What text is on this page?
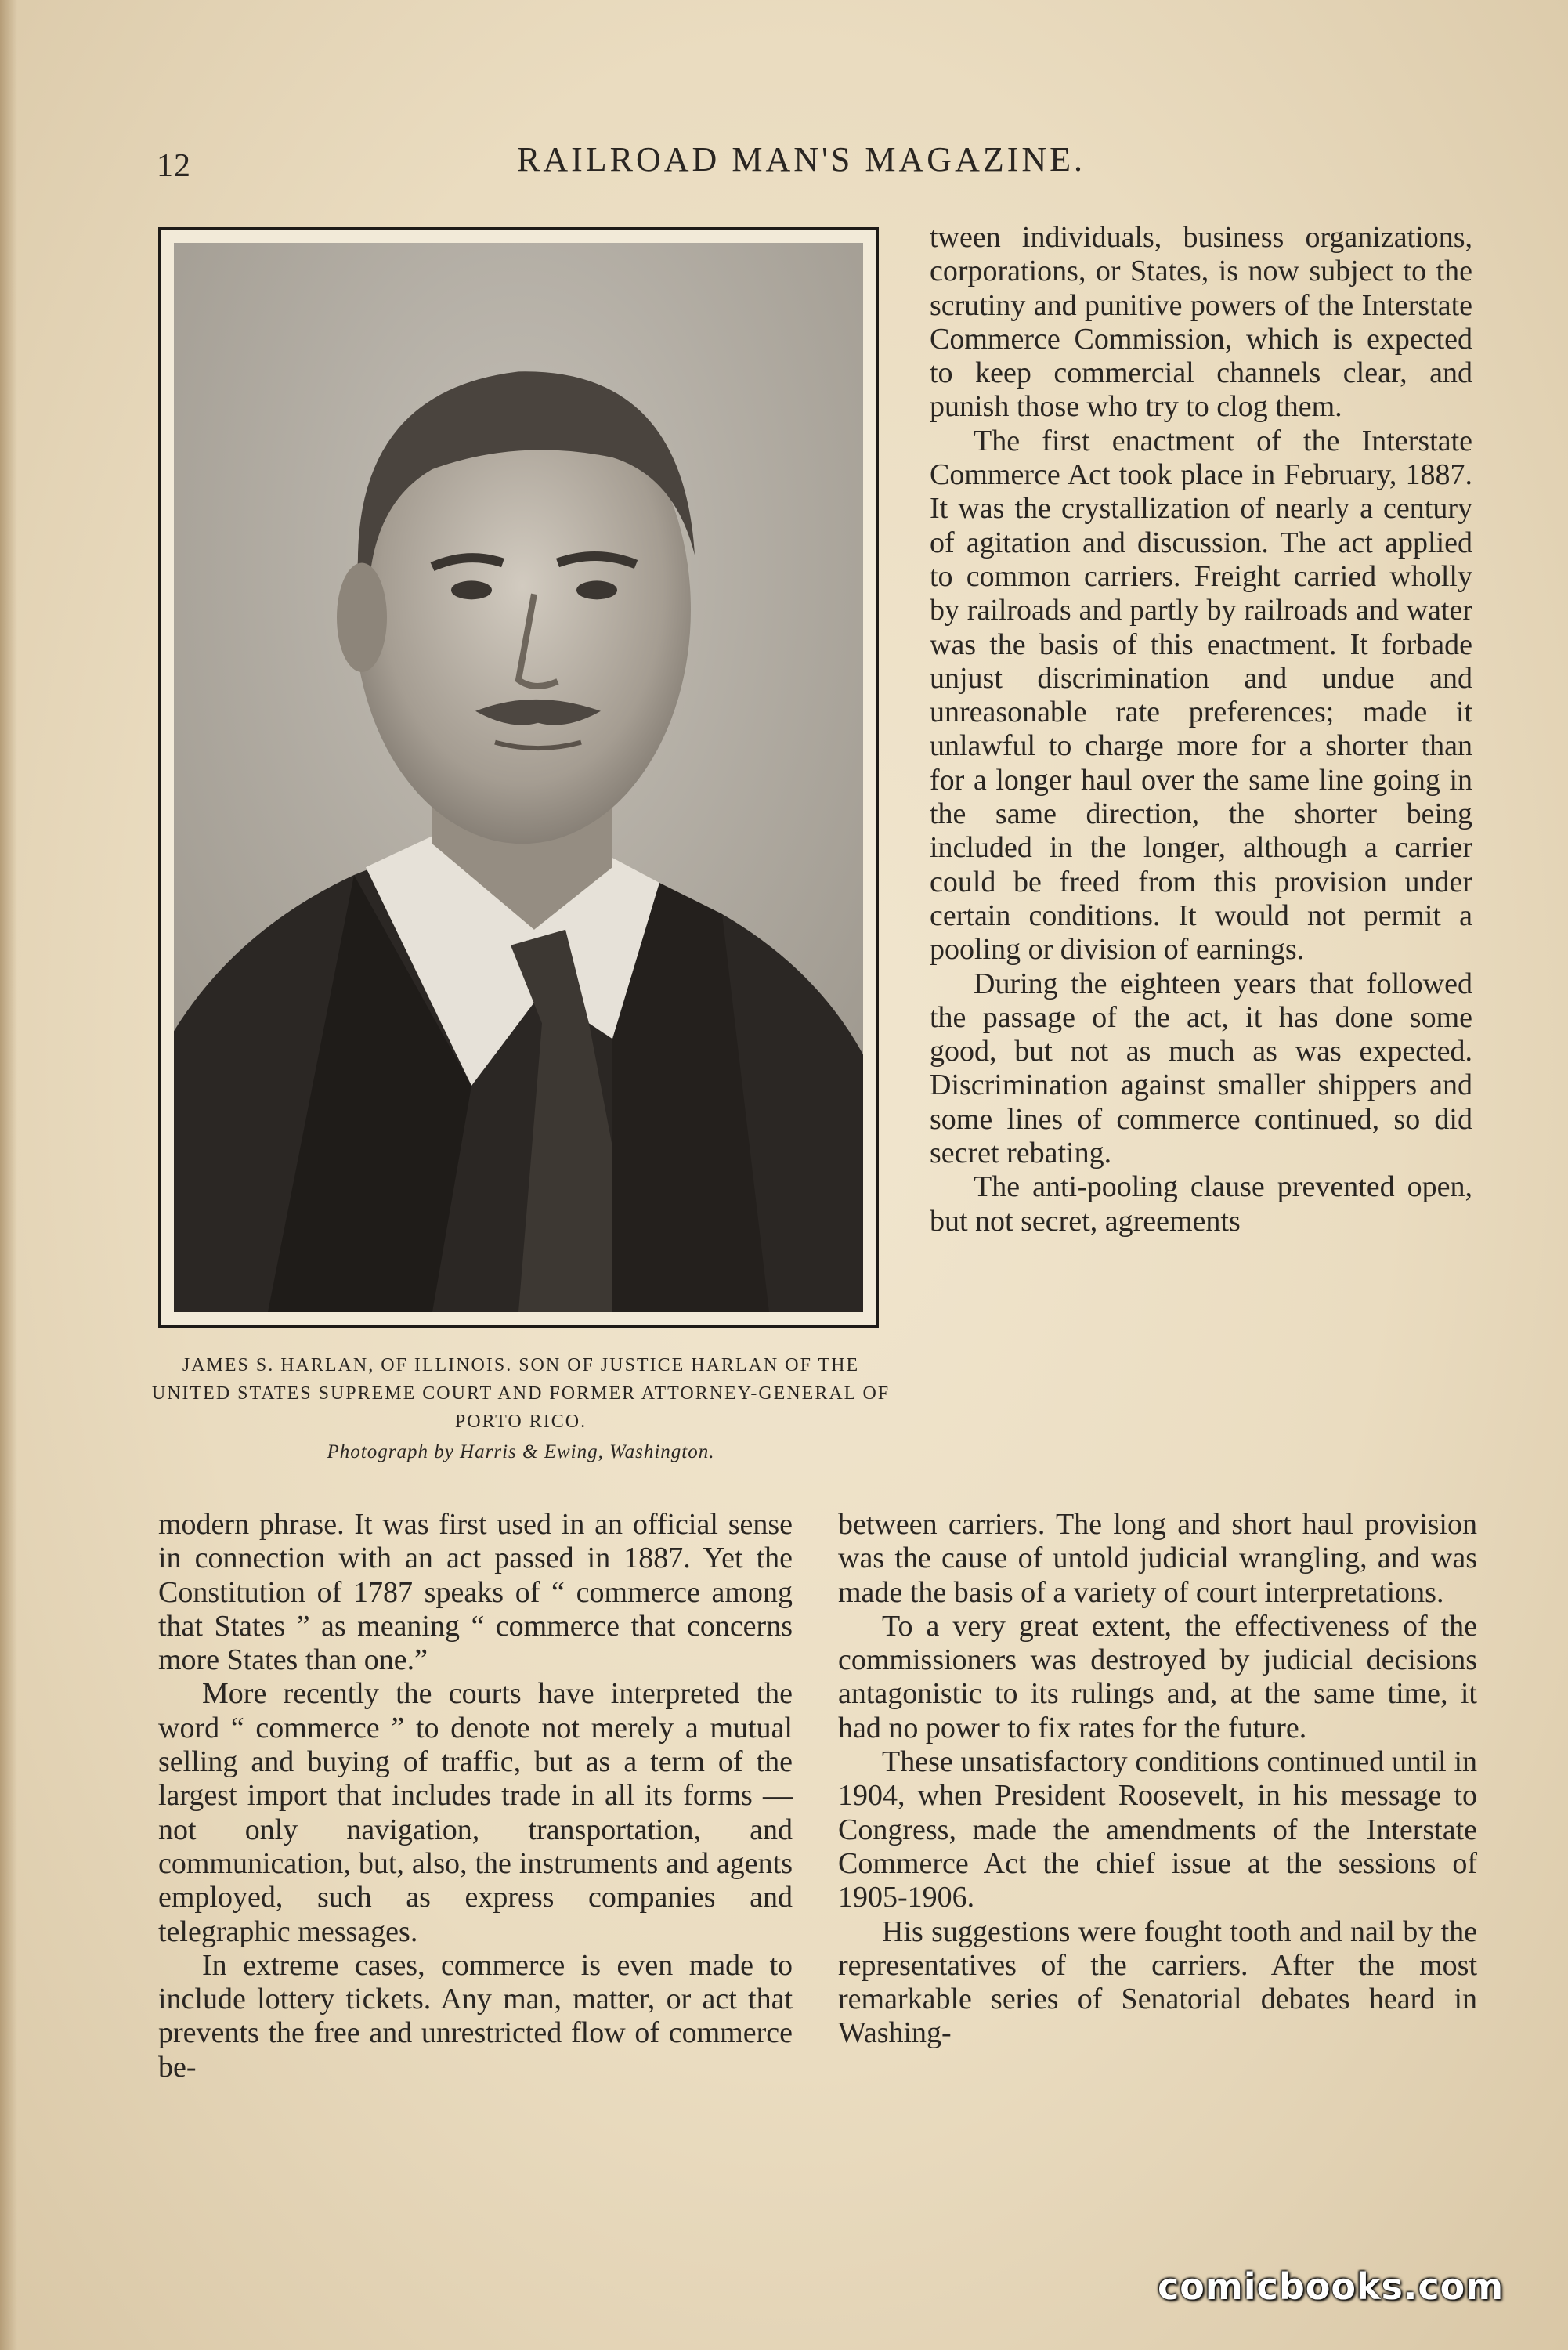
12	RAILROAD MAN'S MAGAZINE.
JAMES S. HARLAN, OF ILLINOIS. SON OF JUSTICE HARLAN OF THE UNITED STATES SUPREME COURT AND FORMER ATTORNEY-GENERAL OF PORTO RICO.
Photograph by Harris & Ewing, Washington.

tween individuals, business organizations, corporations, or States, is now subject to the scrutiny and punitive powers of the Interstate Commerce Commission, which is expected to keep commercial channels clear, and punish those who try to clog them.

The first enactment of the Interstate Commerce Act took place in February, 1887. It was the crystallization of nearly a century of agitation and discussion. The act applied to common carriers. Freight carried wholly by railroads and partly by railroads and water was the basis of this enactment. It forbade unjust discrimination and undue and unreasonable rate preferences; made it unlawful to charge more for a shorter than for a longer haul over the same line going in the same direction, the shorter being included in the longer, although a carrier could be freed from this provision under certain conditions. It would not permit a pooling or division of earnings.

During the eighteen years that followed the passage of the act, it has done some good, but not as much as was expected. Discrimination against smaller shippers and some lines of commerce continued, so did secret rebating.

The anti-pooling clause prevented open, but not secret, agreements

modern phrase. It was first used in an official sense in connection with an act passed in 1887. Yet the Constitution of 1787 speaks of “ commerce among that States ” as meaning “ commerce that concerns more States than one.”

More recently the courts have interpreted the word “ commerce ” to denote not merely a mutual selling and buying of traffic, but as a term of the largest import that includes trade in all its forms —not only navigation, transportation, and communication, but, also, the instruments and agents employed, such as express companies and telegraphic messages.

In extreme cases, commerce is even made to include lottery tickets. Any man, matter, or act that prevents the free and unrestricted flow of commerce be-

between carriers. The long and short haul provision was the cause of untold judicial wrangling, and was made the basis of a variety of court interpretations.

To a very great extent, the effectiveness of the commissioners was destroyed by judicial decisions antagonistic to its rulings and, at the same time, it had no power to fix rates for the future.

These unsatisfactory conditions continued until in 1904, when President Roosevelt, in his message to Congress, made the amendments of the Interstate Commerce Act the chief issue at the sessions of 1905-1906.

His suggestions were fought tooth and nail by the representatives of the carriers. After the most remarkable series of Senatorial debates heard in Washing-

comicbooks.com
